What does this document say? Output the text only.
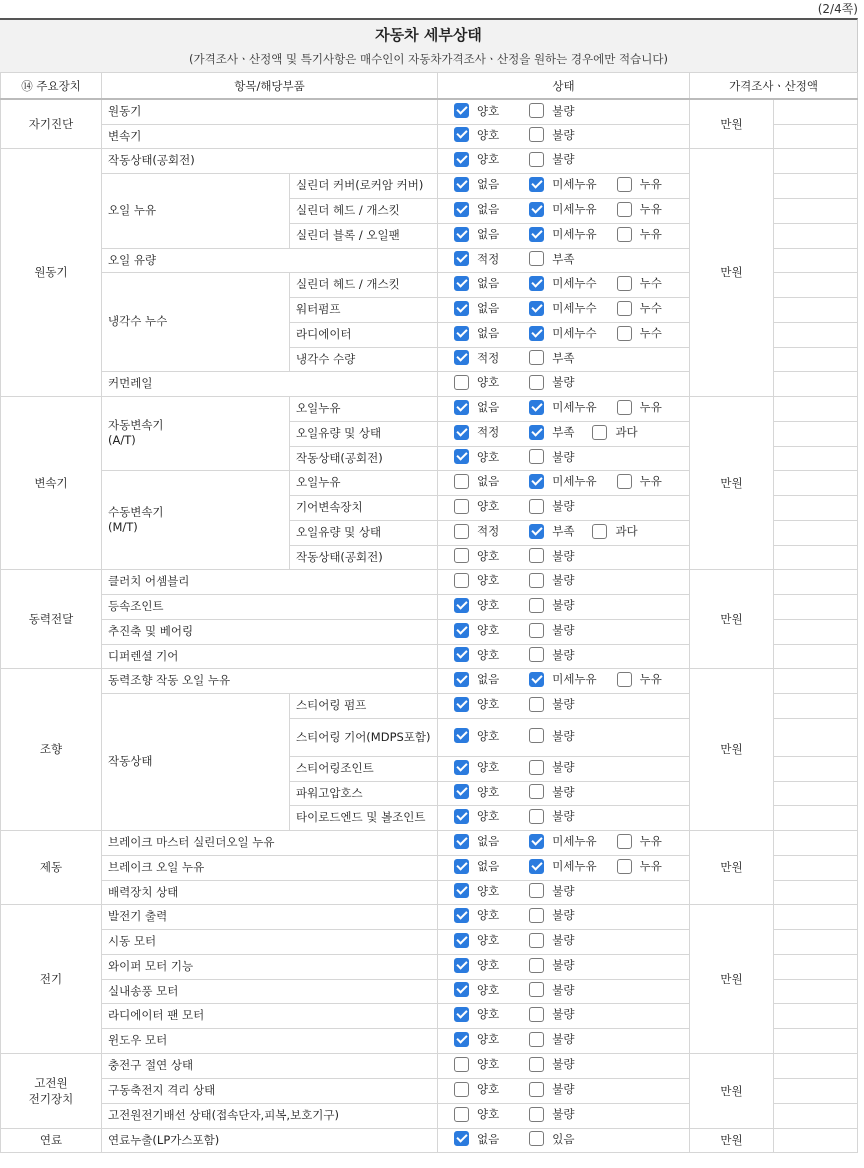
(2/4쪽)
자동차 세부상태
(가격조사ㆍ산정액 및 특기사항은 매수인이 자동차가격조사ㆍ산정을 원하는 경우에만 적습니다)
⑭ 주요장치	항목/해당부품		상태	가격조사ㆍ산정액	
자기진단	원동기		양호 불량	만원	
	변속기		양호 불량		

원동기	작동상태(공회전)		양호 불량	만원	
	오일 누유	실린더 커버(로커암 커버)	없음 미세누유 누유		

		실린더 헤드 / 개스킷	없음 미세누유 누유		

		실린더 블록 / 오일팬	없음 미세누유 누유		

	오일 유량		적정 부족		

	냉각수 누수	실린더 헤드 / 개스킷	없음 미세누수 누수		

		워터펌프	없음 미세누수 누수		

		라디에이터	없음 미세누수 누수		

		냉각수 수량	적정 부족		

	커먼레일		양호 불량		

변속기	자동변속기
(A/T)	오일누유	없음 미세누유 누유	만원	
		오일유량 및 상태	적정 부족 과다		

		작동상태(공회전)	양호 불량		

	수동변속기
(M/T)	오일누유	없음 미세누유 누유		

		기어변속장치	양호 불량		

		오일유량 및 상태	적정 부족 과다		

		작동상태(공회전)	양호 불량		

동력전달	클러치 어셈블리		양호 불량	만원	
	등속조인트		양호 불량		

	추진축 및 베어링		양호 불량		

	디퍼렌셜 기어		양호 불량		

조향	동력조향 작동 오일 누유		없음 미세누유 누유	만원	
	작동상태	스티어링 펌프	양호 불량		

		스티어링 기어(MDPS포함)	양호 불량		

		스티어링조인트	양호 불량		

		파워고압호스	양호 불량		

		타이로드엔드 및 볼조인트	양호 불량		

제동	브레이크 마스터 실린더오일 누유		없음 미세누유 누유	만원	
	브레이크 오일 누유		없음 미세누유 누유		

	배력장치 상태		양호 불량		

전기	발전기 출력		양호 불량	만원	
	시동 모터		양호 불량		

	와이퍼 모터 기능		양호 불량		

	실내송풍 모터		양호 불량		

	라디에이터 팬 모터		양호 불량		

	윈도우 모터		양호 불량		

고전원
전기장치	충전구 절연 상태		양호 불량	만원	
	구동축전지 격리 상태		양호 불량		

	고전원전기배선 상태(접속단자,피복,보호기구)		양호 불량		

연료	연료누출(LP가스포함)		없음 있음	만원	
